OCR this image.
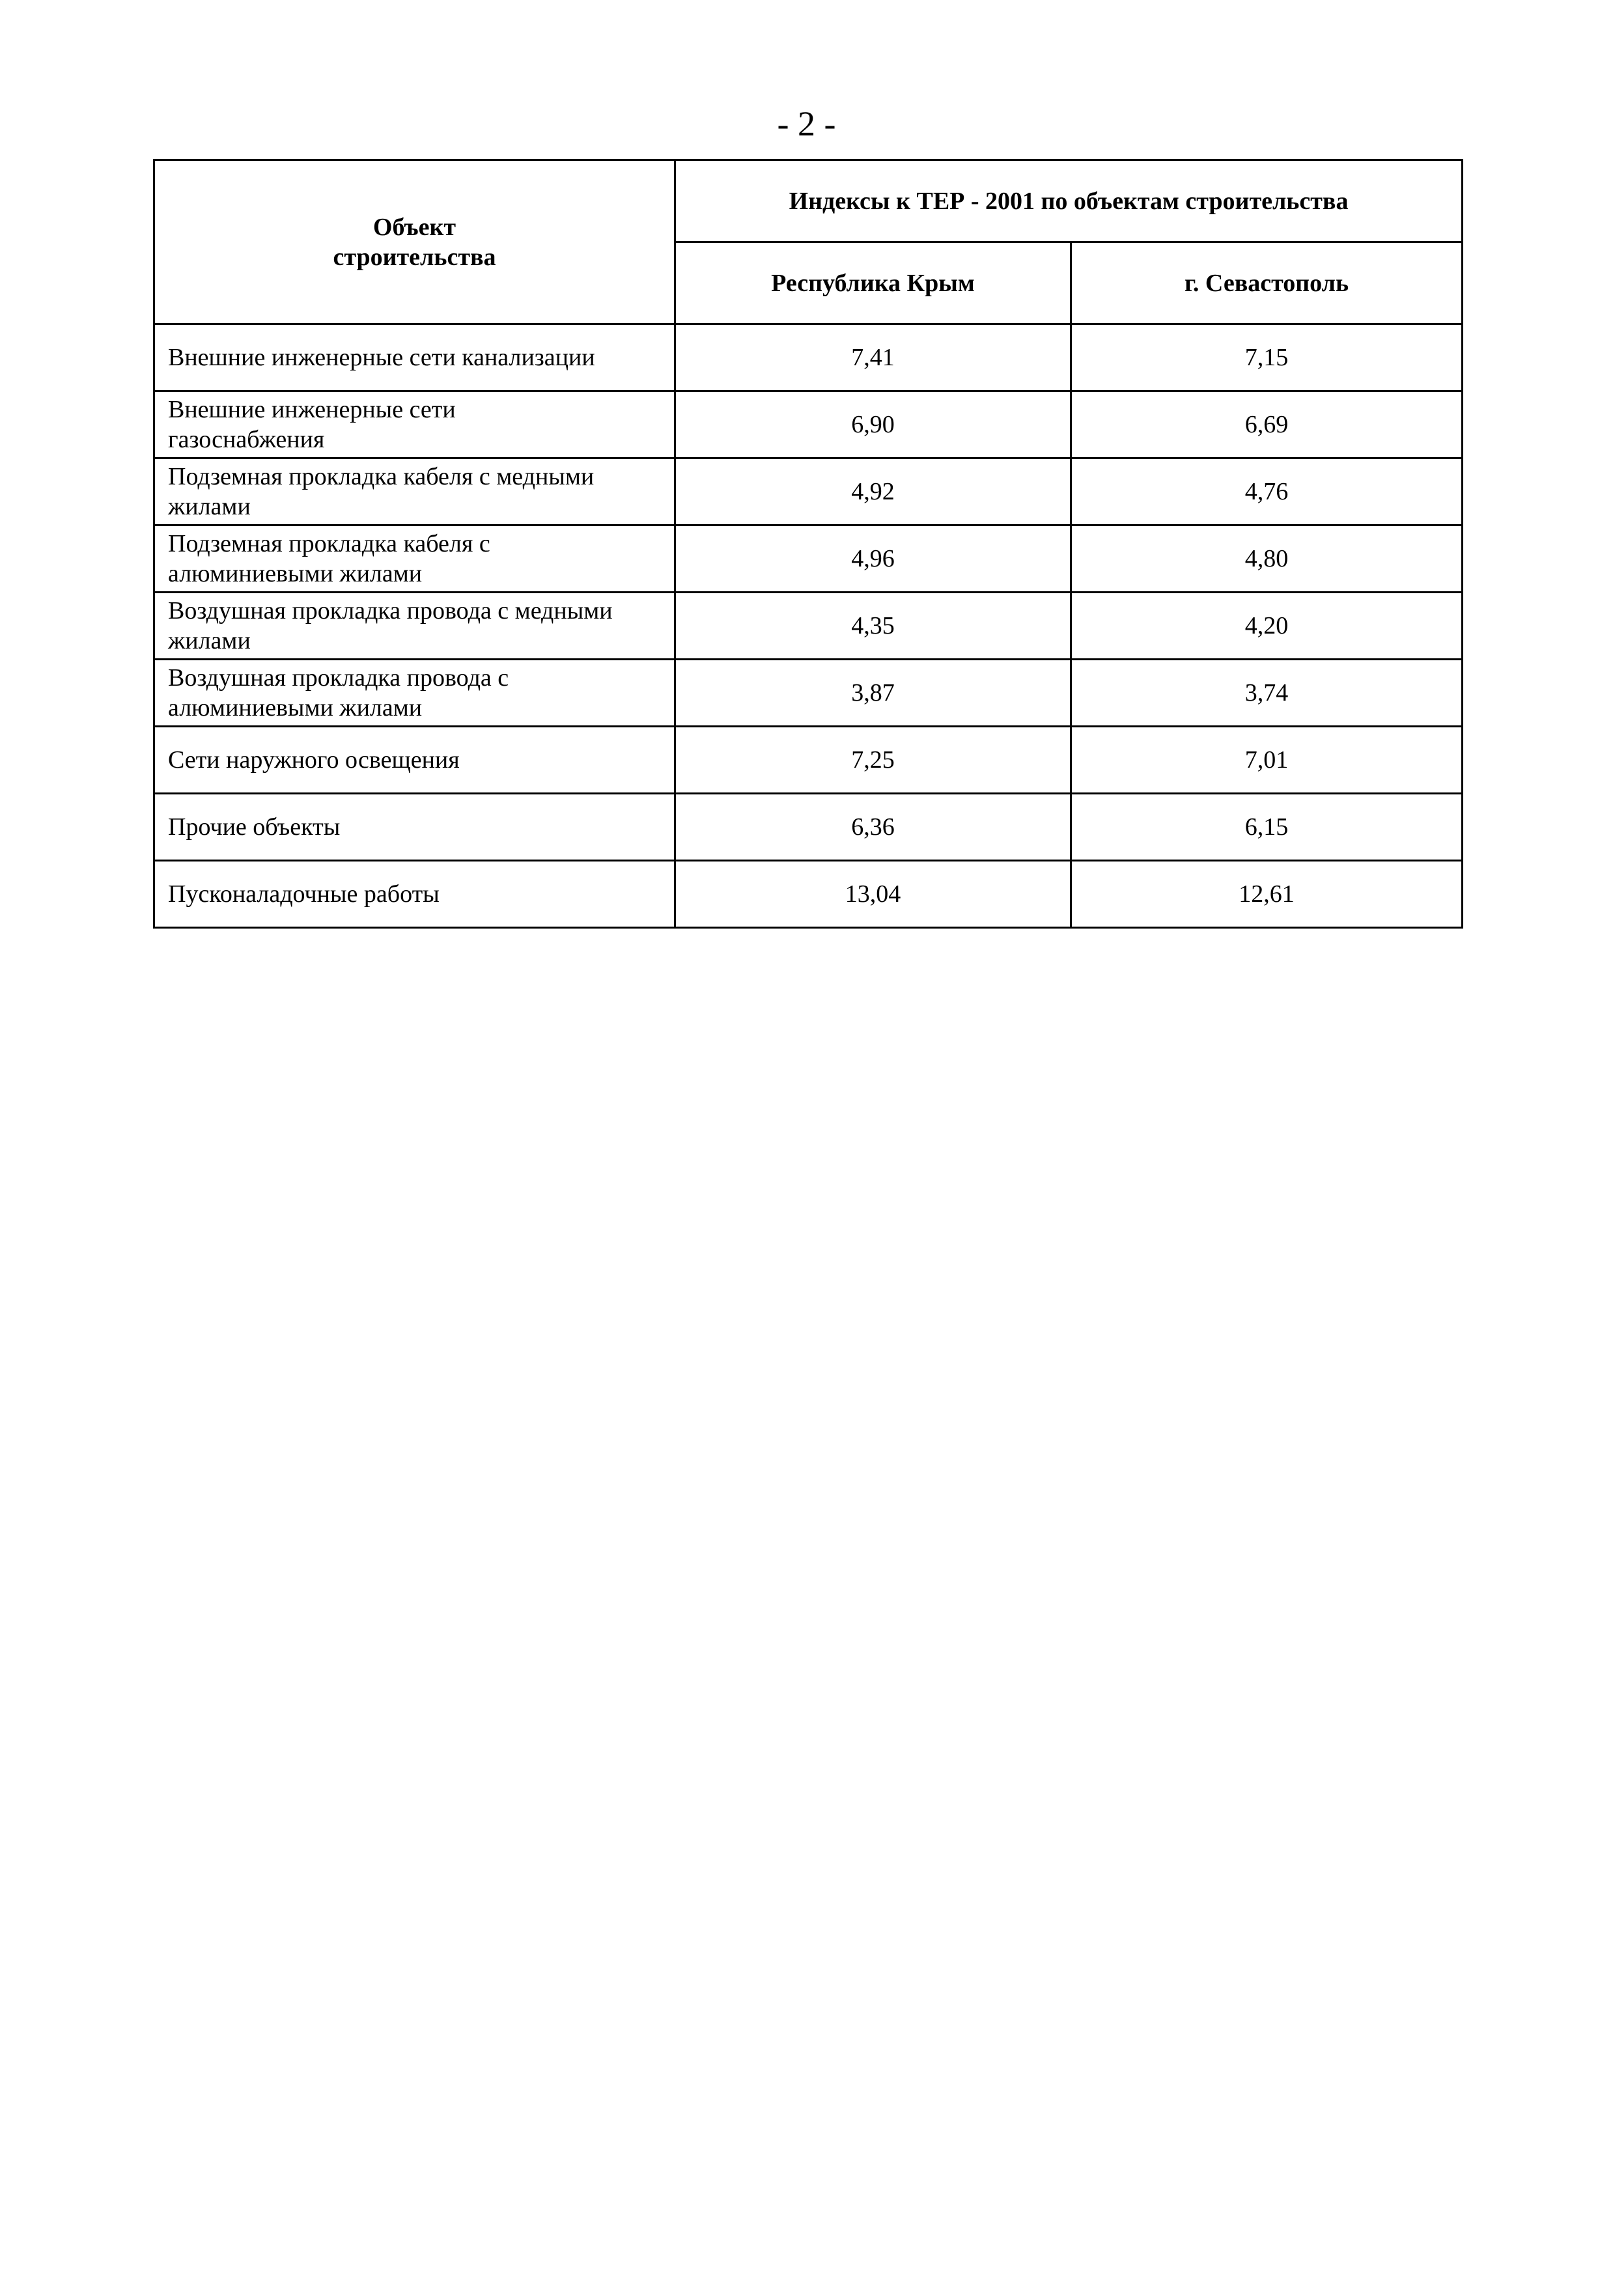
- 2 -
Объект строительства	Индексы к ТЕР - 2001 по объектам строительства	
	Республика Крым	г. Севастополь
Внешние инженерные сети канализации	7,41	7,15
Внешние инженерные сети газоснабжения	6,90	6,69
Подземная прокладка кабеля с медными жилами	4,92	4,76
Подземная прокладка кабеля с алюминиевыми жилами	4,96	4,80
Воздушная прокладка провода с медными жилами	4,35	4,20
Воздушная прокладка провода с алюминиевыми жилами	3,87	3,74
Сети наружного освещения	7,25	7,01
Прочие объекты	6,36	6,15
Пусконаладочные работы	13,04	12,61
